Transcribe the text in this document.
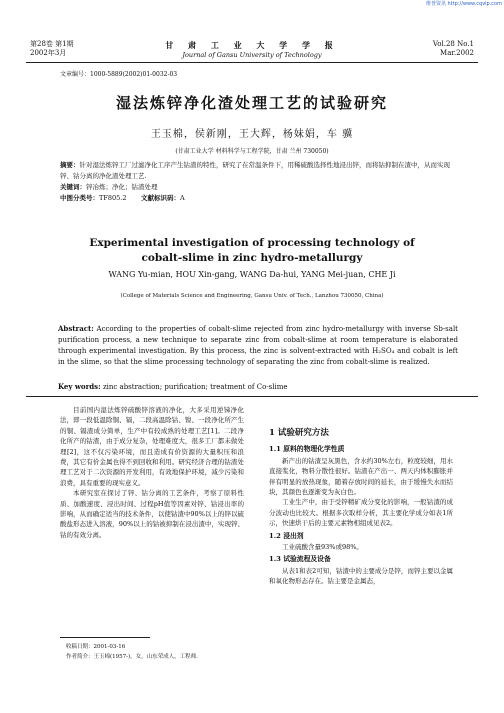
维普资讯 http://www.cqvip.com
第28卷 第1期
2002年3月
甘 肃 工 业 大 学 学 报
Journal of Gansu University of Technology
Vol.28 No.1
Mar.2002
文章编号：1000-5889(2002)01-0032-03
湿法炼锌净化渣处理工艺的试验研究
王玉棉，侯新刚，王大辉，杨妹娟，车 骥
(甘肃工业大学 材料科学与工程学院，甘肃 兰州 730050)
摘要：针对湿法炼锌工厂过滤净化工序产生钴渣的特性，研究了在常温条件下，用稀硫酸选择性地浸出锌，而将钴抑制在渣中，从而实现锌、钴分离的净化渣处理工艺.
关键词：锌冶炼；净化；钴渣处理
中图分类号：TF805.2 文献标识码：A
Experimental investigation of processing technology of
cobalt-slime in zinc hydro-metallurgy
WANG Yu-mian, HOU Xin-gang, WANG Da-hui, YANG Mei-juan, CHE Ji
(College of Materials Science and Engineering, Gansu Univ. of Tech., Lanzhou 730050, China)
Abstract: According to the properties of cobalt-slime rejected from zinc hydro-metallurgy with inverse Sb-salt purification process, a new technique to separate zinc from cobalt-slime at room temperature is elaborated through experimental investigation. By this process, the zinc is solvent-extracted with H₂SO₄ and cobalt is left in the slime, so that the slime processing technology of separating the zinc from cobalt-slime is realized.
Key words: zinc abstraction; purification; treatment of Co-slime

目前国内湿法炼锌硫酸锌溶液的净化，大多采用逆锑净化法，即一段低温除铜、镉，二段高温除钴、镍、一段净化所产生的铜、镉渣成分简单，生产中有较成熟的处理工艺[1]。二段净化所产的钴渣，由于成分复杂，处理难度大，很多工厂都未做处理[2]，这不仅污染环境，而且造成有价资源的大量积压和浪费，其它有价金属也得不到回收和利用。研究经济合理的钴渣处理工艺对于二次资源的开发利用，有效地保护环境，减少污染和浪费，具有重要的现实意义。

本研究室在探讨了锌、钴分离的工艺条件，考察了原料性质、加酸速度、浸出时间、过程pH值等因素对锌、钴浸出率的影响，从而确定适当的技术条件，以使钴渣中90%以上的锌以硫酸盐形态进入溶液，90%以上的钴被抑制在浸出渣中，实现锌、钴的有效分离。

1 试验研究方法
1.1 原料的物理化学性质

新产出的钴渣呈灰黑色，含水约30%左右，粒度较细，用水直接浆化，物料分散性很好。钴渣在产出一、两天内体积膨胀并伴有明显的放热现象，随着存放时间的延长，由于缓慢失水而结块，其颜色也逐渐变为灰白色。

工业生产中，由于受锌精矿成分变化的影响，一般钴渣的成分波动也比较大。根据多次取样分析，其主要化学成分如表1所示，快速烘干后的主要元素物相组成见表2。

1.2 浸出剂

工业硫酸含量93%或98%。

1.3 试验流程及设备

从表1和表2可知，钴渣中的主要成分是锌，而锌主要以金属和氧化物形态存在。钴主要是金属态，

收稿日期：2001-03-16
作者简介：王玉棉(1957-)，女，山东荣成人，工程师.
